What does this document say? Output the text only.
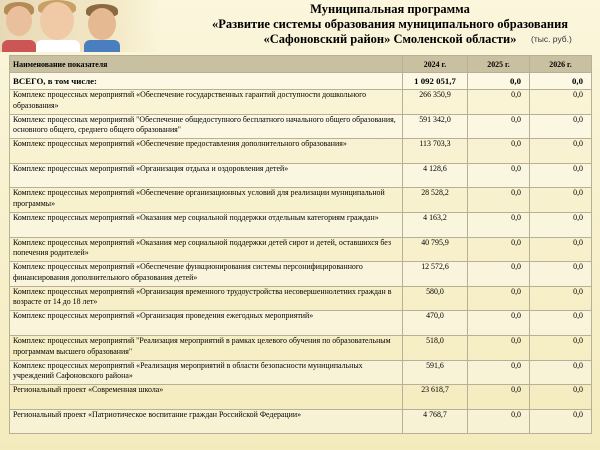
Муниципальная программа
«Развитие системы образования муниципального образования
«Сафоновский район» Смоленской области»	(тыс. руб.)
Наименование показателя	2024 г.	2025 г.	2026 г.
ВСЕГО, в том числе:	1 092 051,7	0,0	0,0
Комплекс процессных мероприятий «Обеспечение государственных гарантий доступности дошкольного образования»	266 350,9	0,0	0,0
Комплекс процессных мероприятий "Обеспечение общедоступного бесплатного начального общего образования, основного общего, среднего общего образования"	591 342,0	0,0	0,0
Комплекс процессных мероприятий «Обеспечение предоставления дополнительного образования»	113 703,3	0,0	0,0
Комплекс процессных мероприятий «Организация отдыха и оздоровления детей»	4 128,6	0,0	0,0
Комплекс процессных мероприятий «Обеспечение организационных условий для реализации муниципальной программы»	28 528,2	0,0	0,0
Комплекс процессных мероприятий «Оказания мер социальной поддержки отдельным категориям граждан»	4 163,2	0,0	0,0
Комплекс процессных мероприятий «Оказания мер социальной поддержки детей сирот и детей, оставшихся без попечения родителей»	40 795,9	0,0	0,0
Комплекс процессных мероприятий «Обеспечение функционирования системы персонифицированного финансирования дополнительного образования детей»	12 572,6	0,0	0,0
Комплекс процессных мероприятий «Организация временного трудоустройства несовершеннолетних граждан в возрасте от 14 до 18 лет»	580,0	0,0	0,0
Комплекс процессных мероприятий «Организация проведения ежегодных мероприятий»	470,0	0,0	0,0
Комплекс процессных мероприятий "Реализация мероприятий в рамках целевого обучения по образовательным программам высшего образования"	518,0	0,0	0,0
Комплекс процессных мероприятий «Реализация мероприятий в области безопасности муниципальных учреждений Сафоновского района»	591,6	0,0	0,0
Региональный проект «Современная школа»	23 618,7	0,0	0,0
Региональный проект «Патриотическое воспитание граждан Российской Федерации»	4 768,7	0,0	0,0
